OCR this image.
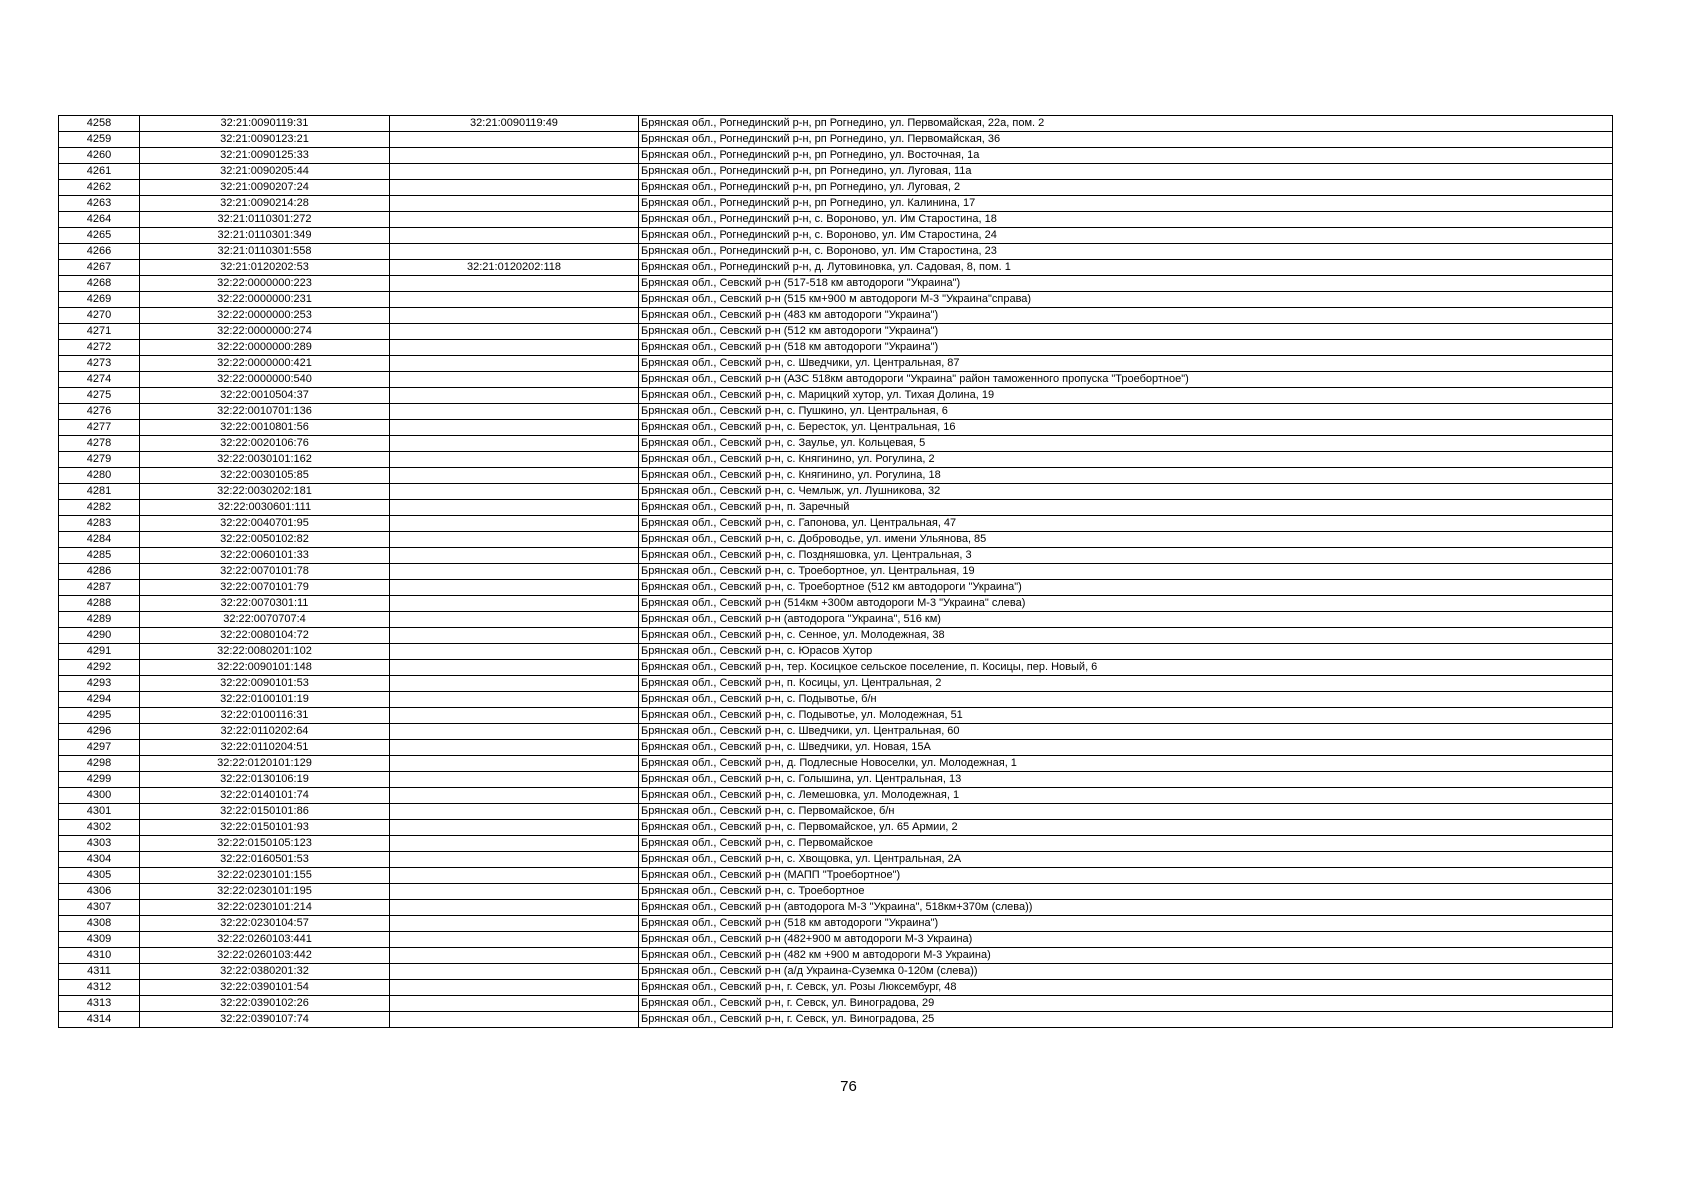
4258	32:21:0090119:31	32:21:0090119:49	Брянская обл., Рогнединский р-н, рп Рогнедино, ул. Первомайская, 22а, пом. 2
4259	32:21:0090123:21		Брянская обл., Рогнединский р-н, рп Рогнедино, ул. Первомайская, 36
4260	32:21:0090125:33		Брянская обл., Рогнединский р-н, рп Рогнедино, ул. Восточная, 1а
4261	32:21:0090205:44		Брянская обл., Рогнединский р-н, рп Рогнедино, ул. Луговая, 11а
4262	32:21:0090207:24		Брянская обл., Рогнединский р-н, рп Рогнедино, ул. Луговая, 2
4263	32:21:0090214:28		Брянская обл., Рогнединский р-н, рп Рогнедино, ул. Калинина, 17
4264	32:21:0110301:272		Брянская обл., Рогнединский р-н, с. Вороново, ул. Им Старостина, 18
4265	32:21:0110301:349		Брянская обл., Рогнединский р-н, с. Вороново, ул. Им Старостина, 24
4266	32:21:0110301:558		Брянская обл., Рогнединский р-н, с. Вороново, ул. Им Старостина, 23
4267	32:21:0120202:53	32:21:0120202:118	Брянская обл., Рогнединский р-н, д. Лутовиновка, ул. Садовая, 8, пом. 1
4268	32:22:0000000:223		Брянская обл., Севский р-н (517-518 км автодороги "Украина")
4269	32:22:0000000:231		Брянская обл., Севский р-н (515 км+900 м автодороги М-3 "Украина"справа)
4270	32:22:0000000:253		Брянская обл., Севский р-н (483 км автодороги "Украина")
4271	32:22:0000000:274		Брянская обл., Севский р-н (512 км автодороги "Украина")
4272	32:22:0000000:289		Брянская обл., Севский р-н (518 км автодороги "Украина")
4273	32:22:0000000:421		Брянская обл., Севский р-н, с. Шведчики, ул. Центральная, 87
4274	32:22:0000000:540		Брянская обл., Севский р-н (АЗС 518км автодороги "Украина" район таможенного пропуска "Троебортное")
4275	32:22:0010504:37		Брянская обл., Севский р-н, с. Марицкий хутор, ул. Тихая Долина, 19
4276	32:22:0010701:136		Брянская обл., Севский р-н, с. Пушкино, ул. Центральная, 6
4277	32:22:0010801:56		Брянская обл., Севский р-н, с. Бересток, ул. Центральная, 16
4278	32:22:0020106:76		Брянская обл., Севский р-н, с. Заулье, ул. Кольцевая, 5
4279	32:22:0030101:162		Брянская обл., Севский р-н, с. Княгинино, ул. Рогулина, 2
4280	32:22:0030105:85		Брянская обл., Севский р-н, с. Княгинино, ул. Рогулина, 18
4281	32:22:0030202:181		Брянская обл., Севский р-н, с. Чемлыж, ул. Лушникова, 32
4282	32:22:0030601:111		Брянская обл., Севский р-н, п. Заречный
4283	32:22:0040701:95		Брянская обл., Севский р-н, с. Гапонова, ул. Центральная, 47
4284	32:22:0050102:82		Брянская обл., Севский р-н, с. Доброводье, ул. имени Ульянова, 85
4285	32:22:0060101:33		Брянская обл., Севский р-н, с. Поздняшовка, ул. Центральная, 3
4286	32:22:0070101:78		Брянская обл., Севский р-н, с. Троебортное, ул. Центральная, 19
4287	32:22:0070101:79		Брянская обл., Севский р-н, с. Троебортное (512 км автодороги "Украина")
4288	32:22:0070301:11		Брянская обл., Севский р-н (514км +300м автодороги М-3 "Украина" слева)
4289	32:22:0070707:4		Брянская обл., Севский р-н (автодорога "Украина", 516 км)
4290	32:22:0080104:72		Брянская обл., Севский р-н, с. Сенное, ул. Молодежная, 38
4291	32:22:0080201:102		Брянская обл., Севский р-н, с. Юрасов Хутор
4292	32:22:0090101:148		Брянская обл., Севский р-н, тер. Косицкое сельское поселение, п. Косицы, пер. Новый, 6
4293	32:22:0090101:53		Брянская обл., Севский р-н, п. Косицы, ул. Центральная, 2
4294	32:22:0100101:19		Брянская обл., Севский р-н, с. Подывотье, б/н
4295	32:22:0100116:31		Брянская обл., Севский р-н, с. Подывотье, ул. Молодежная, 51
4296	32:22:0110202:64		Брянская обл., Севский р-н, с. Шведчики, ул. Центральная, 60
4297	32:22:0110204:51		Брянская обл., Севский р-н, с. Шведчики, ул. Новая, 15А
4298	32:22:0120101:129		Брянская обл., Севский р-н, д. Подлесные Новоселки, ул. Молодежная, 1
4299	32:22:0130106:19		Брянская обл., Севский р-н, с. Голышина, ул. Центральная, 13
4300	32:22:0140101:74		Брянская обл., Севский р-н, с. Лемешовка, ул. Молодежная, 1
4301	32:22:0150101:86		Брянская обл., Севский р-н, с. Первомайское, б/н
4302	32:22:0150101:93		Брянская обл., Севский р-н, с. Первомайское, ул. 65 Армии, 2
4303	32:22:0150105:123		Брянская обл., Севский р-н, с. Первомайское
4304	32:22:0160501:53		Брянская обл., Севский р-н, с. Хвощовка, ул. Центральная, 2А
4305	32:22:0230101:155		Брянская обл., Севский р-н (МАПП "Троебортное")
4306	32:22:0230101:195		Брянская обл., Севский р-н, с. Троебортное
4307	32:22:0230101:214		Брянская обл., Севский р-н (автодорога М-3 "Украина", 518км+370м (слева))
4308	32:22:0230104:57		Брянская обл., Севский р-н (518 км автодороги "Украина")
4309	32:22:0260103:441		Брянская обл., Севский р-н (482+900 м автодороги М-3 Украина)
4310	32:22:0260103:442		Брянская обл., Севский р-н (482 км +900 м автодороги М-3 Украина)
4311	32:22:0380201:32		Брянская обл., Севский р-н (а/д Украина-Суземка 0-120м (слева))
4312	32:22:0390101:54		Брянская обл., Севский р-н, г. Севск, ул. Розы Люксембург, 48
4313	32:22:0390102:26		Брянская обл., Севский р-н, г. Севск, ул. Виноградова, 29
4314	32:22:0390107:74		Брянская обл., Севский р-н, г. Севск, ул. Виноградова, 25
76
